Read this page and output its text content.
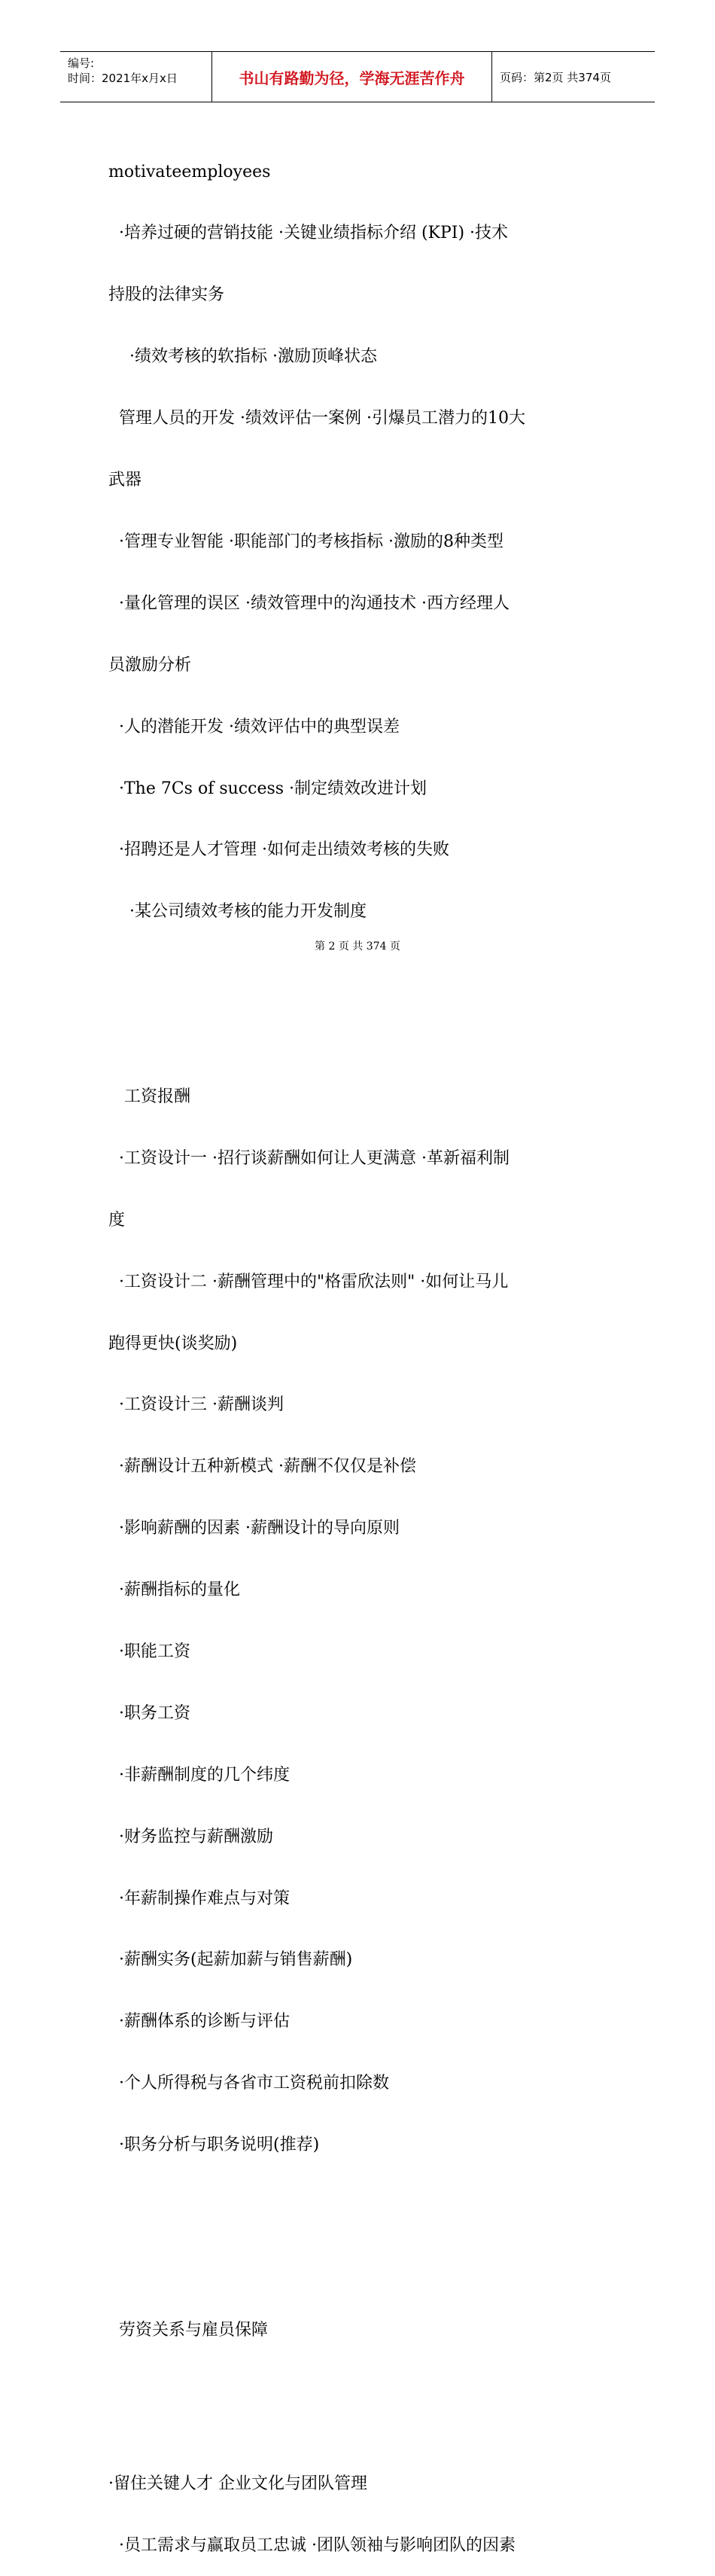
编号:
时间：2021年x月x日	书山有路勤为径，学海无涯苦作舟	页码：第2页 共374页

motivateemployees

·培养过硬的营销技能 ·关键业绩指标介绍 (KPI) ·技术

持股的法律实务

·绩效考核的软指标 ·激励顶峰状态

管理人员的开发 ·绩效评估一案例 ·引爆员工潜力的10大

武器

·管理专业智能 ·职能部门的考核指标 ·激励的8种类型

·量化管理的误区 ·绩效管理中的沟通技术 ·西方经理人

员激励分析

·人的潜能开发 ·绩效评估中的典型误差

·The 7Cs of success ·制定绩效改进计划

·招聘还是人才管理 ·如何走出绩效考核的失败

·某公司绩效考核的能力开发制度

工资报酬

·工资设计一 ·招行谈薪酬如何让人更满意 ·革新福利制

度

·工资设计二 ·薪酬管理中的"格雷欣法则" ·如何让马儿

跑得更快(谈奖励)

·工资设计三 ·薪酬谈判

·薪酬设计五种新模式 ·薪酬不仅仅是补偿

·影响薪酬的因素 ·薪酬设计的导向原则

·薪酬指标的量化

·职能工资

·职务工资

·非薪酬制度的几个纬度

·财务监控与薪酬激励

·年薪制操作难点与对策

·薪酬实务(起薪加薪与销售薪酬)

·薪酬体系的诊断与评估

·个人所得税与各省市工资税前扣除数

·职务分析与职务说明(推荐)

劳资关系与雇员保障

·留住关键人才 企业文化与团队管理

·员工需求与赢取员工忠诚 ·团队领袖与影响团队的因素

第 2 页 共 374 页
